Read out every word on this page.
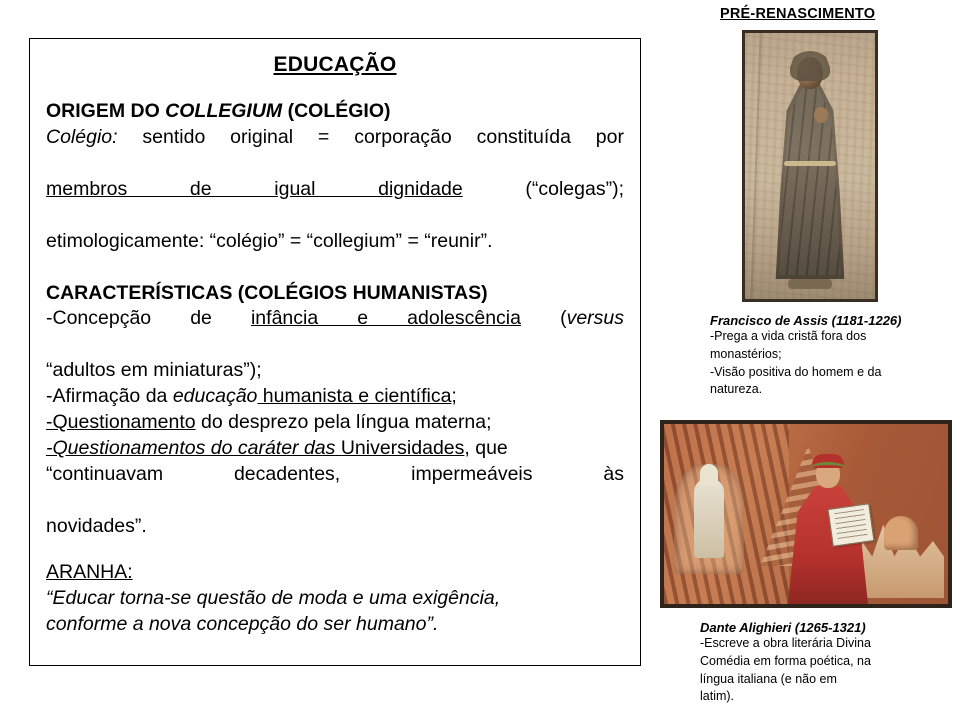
EDUCAÇÃO
ORIGEM DO COLLEGIUM (COLÉGIO)
Colégio: sentido original = corporação constituída por
membros de igual dignidade (“colegas”);
etimologicamente: “colégio” = “collegium” = “reunir”.
CARACTERÍSTICAS (COLÉGIOS HUMANISTAS)
-Concepção de infância e adolescência (versus
“adultos em miniaturas”);
-Afirmação da educação humanista e científica;
-Questionamento do desprezo pela língua materna;
-Questionamentos do caráter das Universidades, que
“continuavam decadentes, impermeáveis às
novidades”.
ARANHA:
“Educar torna-se questão de moda e uma exigência,
conforme a nova concepção do ser humano”.
PRÉ-RENASCIMENTO
Francisco de Assis (1181-1226)
-Prega a vida cristã fora dos
monastérios;
-Visão positiva do homem e da
natureza.
Dante Alighieri (1265-1321)
-Escreve a obra literária Divina
Comédia em forma poética, na
língua italiana (e não em
latim).
